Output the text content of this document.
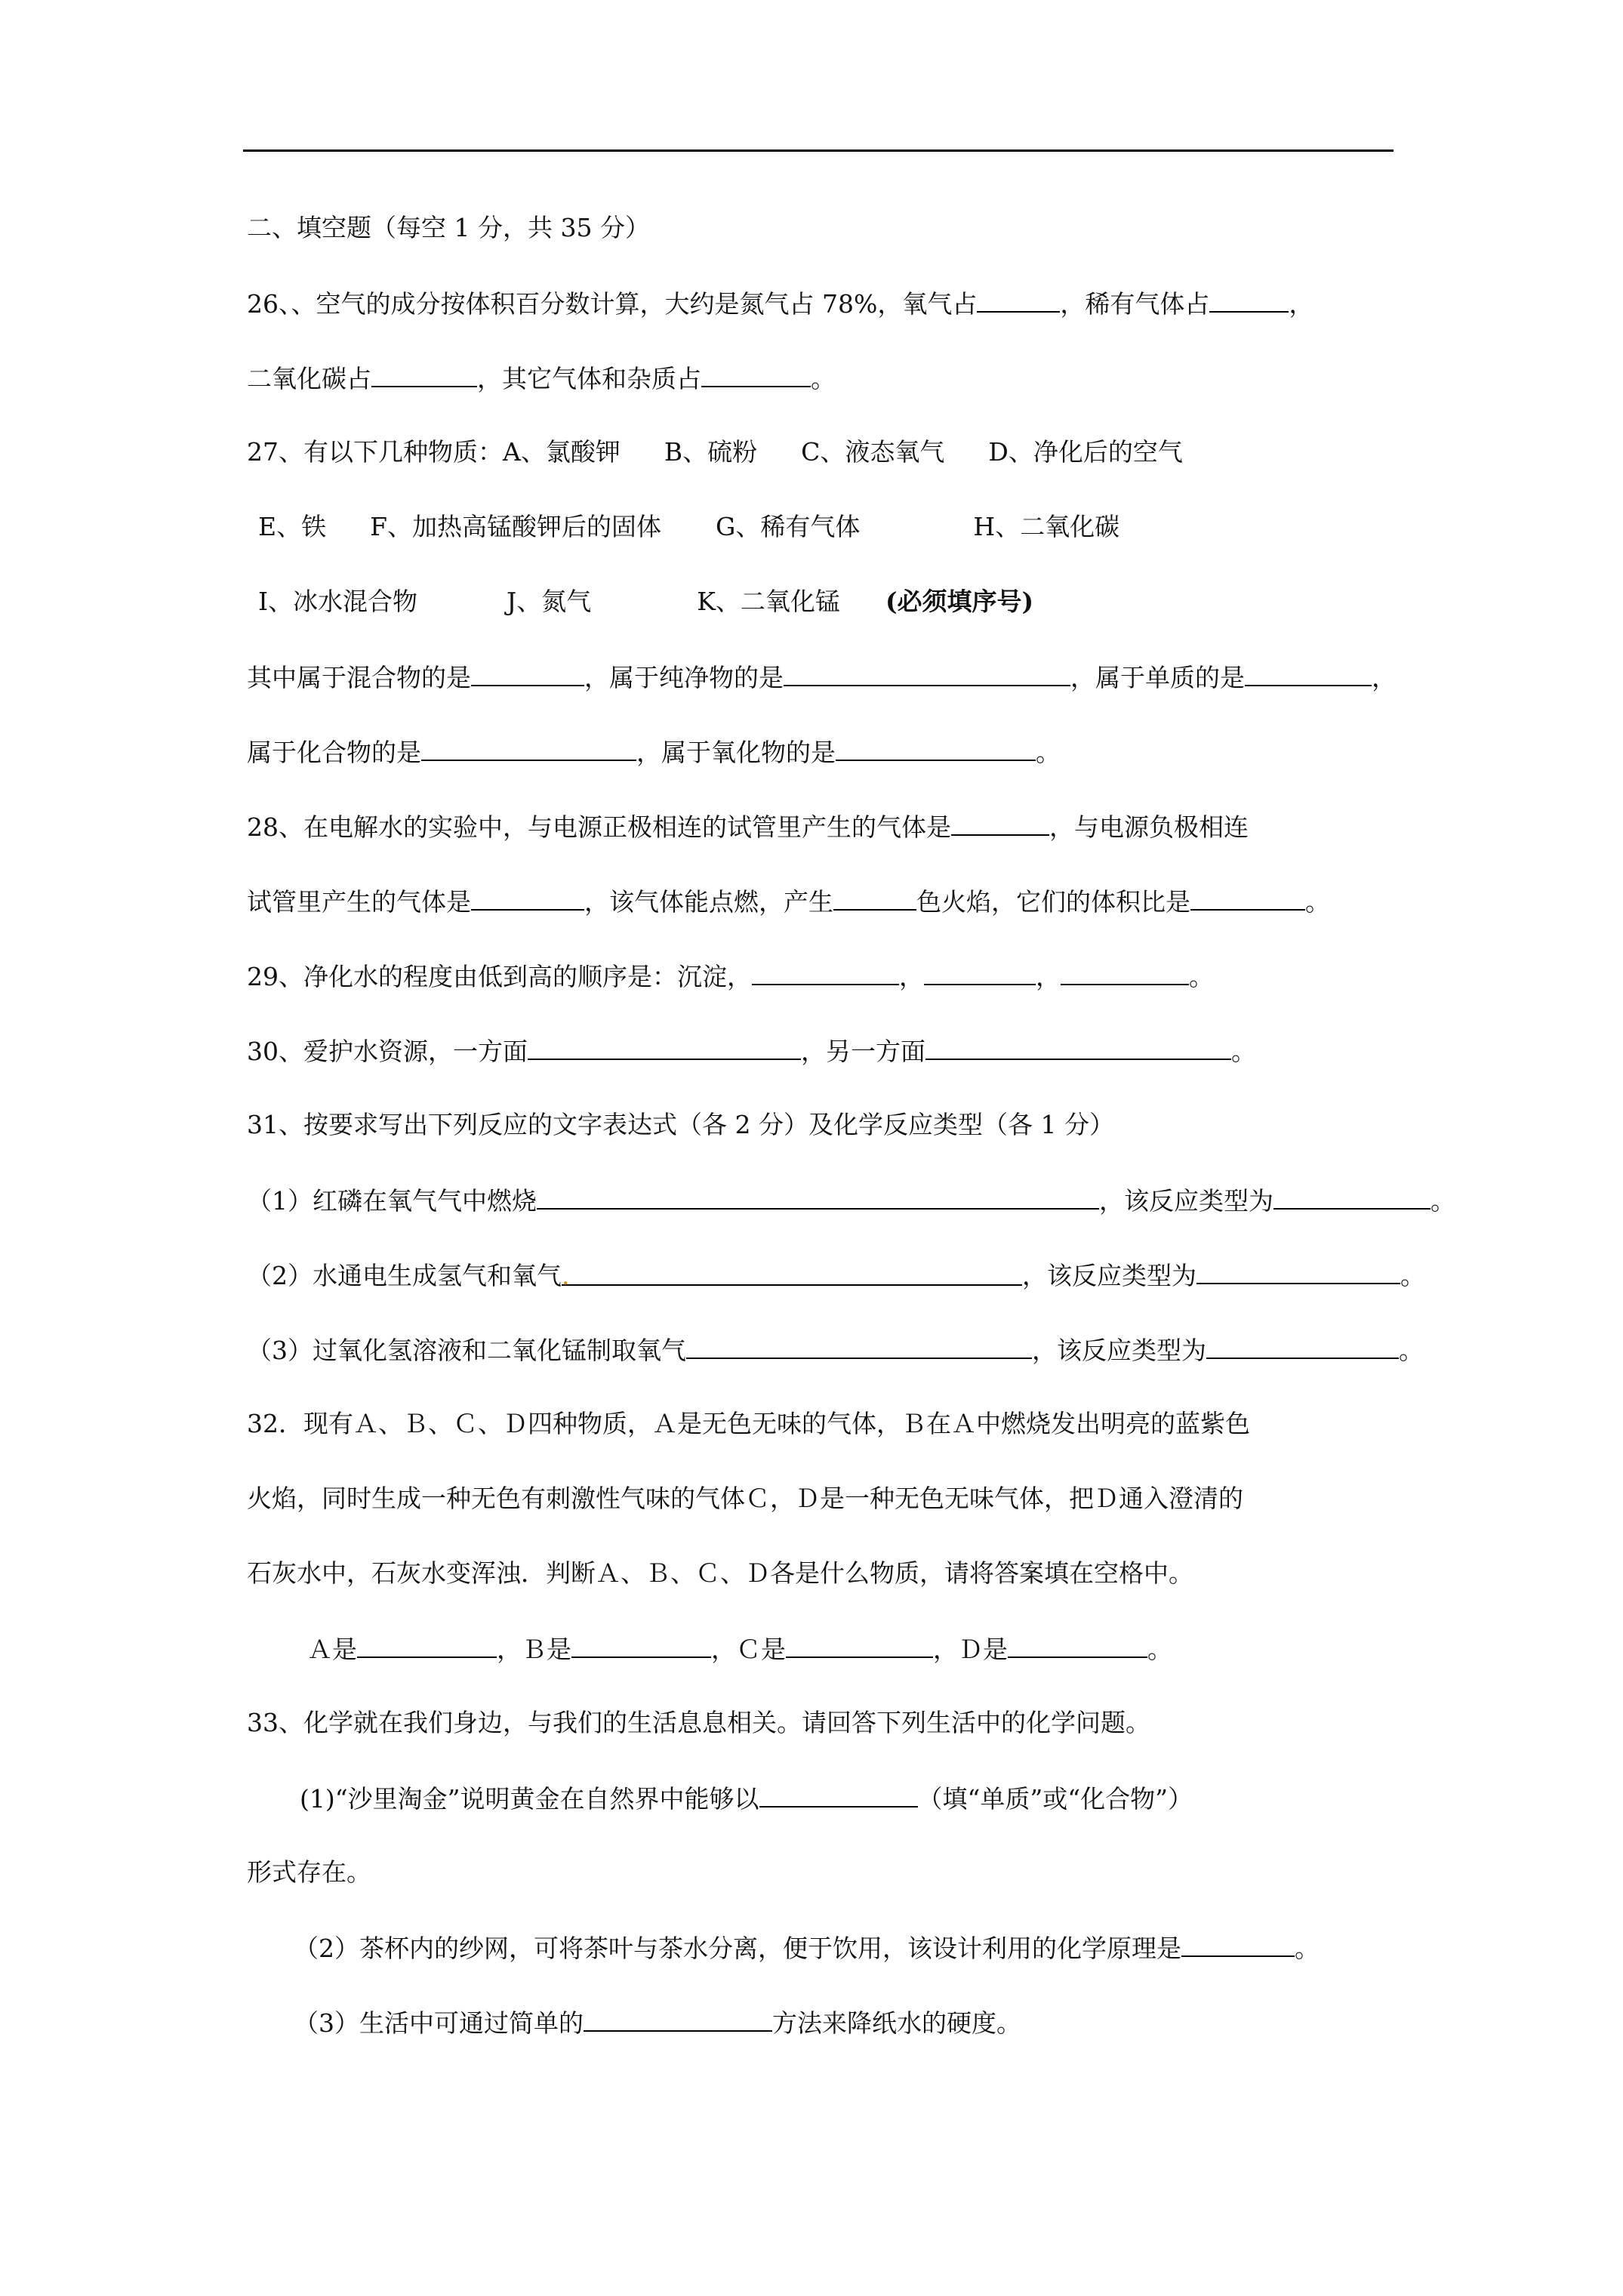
二、填空题（每空 1 分，共 35 分）
26、、空气的成分按体积百分数计算，大约是氮气占 78%，氧气占	，稀有气体占	，
二氧化碳占	，其它气体和杂质占	。
27、有以下几种物质：A、氯酸钾 B、硫粉 C、液态氧气 D、净化后的空气
E、铁 F、加热高锰酸钾后的固体 G、稀有气体	H、二氧化碳
I、冰水混合物	J、氮气	K、二氧化锰 (必须填序号)
其中属于混合物的是	，属于纯净物的是	，属于单质的是	，
属于化合物的是	，属于氧化物的是	。
28、在电解水的实验中，与电源正极相连的试管里产生的气体是	，与电源负极相连
试管里产生的气体是	，该气体能点燃，产生	色火焰，它们的体积比是	。
29、净化水的程度由低到高的顺序是：沉淀，	，	，	。
30、爱护水资源，一方面	，另一方面	。
31、按要求写出下列反应的文字表达式（各 2 分）及化学反应类型（各 1 分）
（1）红磷在氧气气中燃烧	，该反应类型为	。
（2）水通电生成氢气和氧气.	，该反应类型为	。
（3）过氧化氢溶液和二氧化锰制取氧气	，该反应类型为	。
32．现有Ａ、Ｂ、Ｃ、Ｄ四种物质，Ａ是无色无味的气体，Ｂ在Ａ中燃烧发出明亮的蓝紫色
火焰，同时生成一种无色有刺激性气味的气体Ｃ，Ｄ是一种无色无味气体，把Ｄ通入澄清的
石灰水中，石灰水变浑浊．判断Ａ、Ｂ、Ｃ、Ｄ各是什么物质，请将答案填在空格中。
Ａ是	，Ｂ是	，Ｃ是	，Ｄ是	。
33、化学就在我们身边，与我们的生活息息相关。请回答下列生活中的化学问题。
(1)“沙里淘金”说明黄金在自然界中能够以	（填“单质”或“化合物”）
形式存在。
（2）茶杯内的纱网，可将茶叶与茶水分离，便于饮用，该设计利用的化学原理是	。
（3）生活中可通过简单的	方法来降纸水的硬度。
